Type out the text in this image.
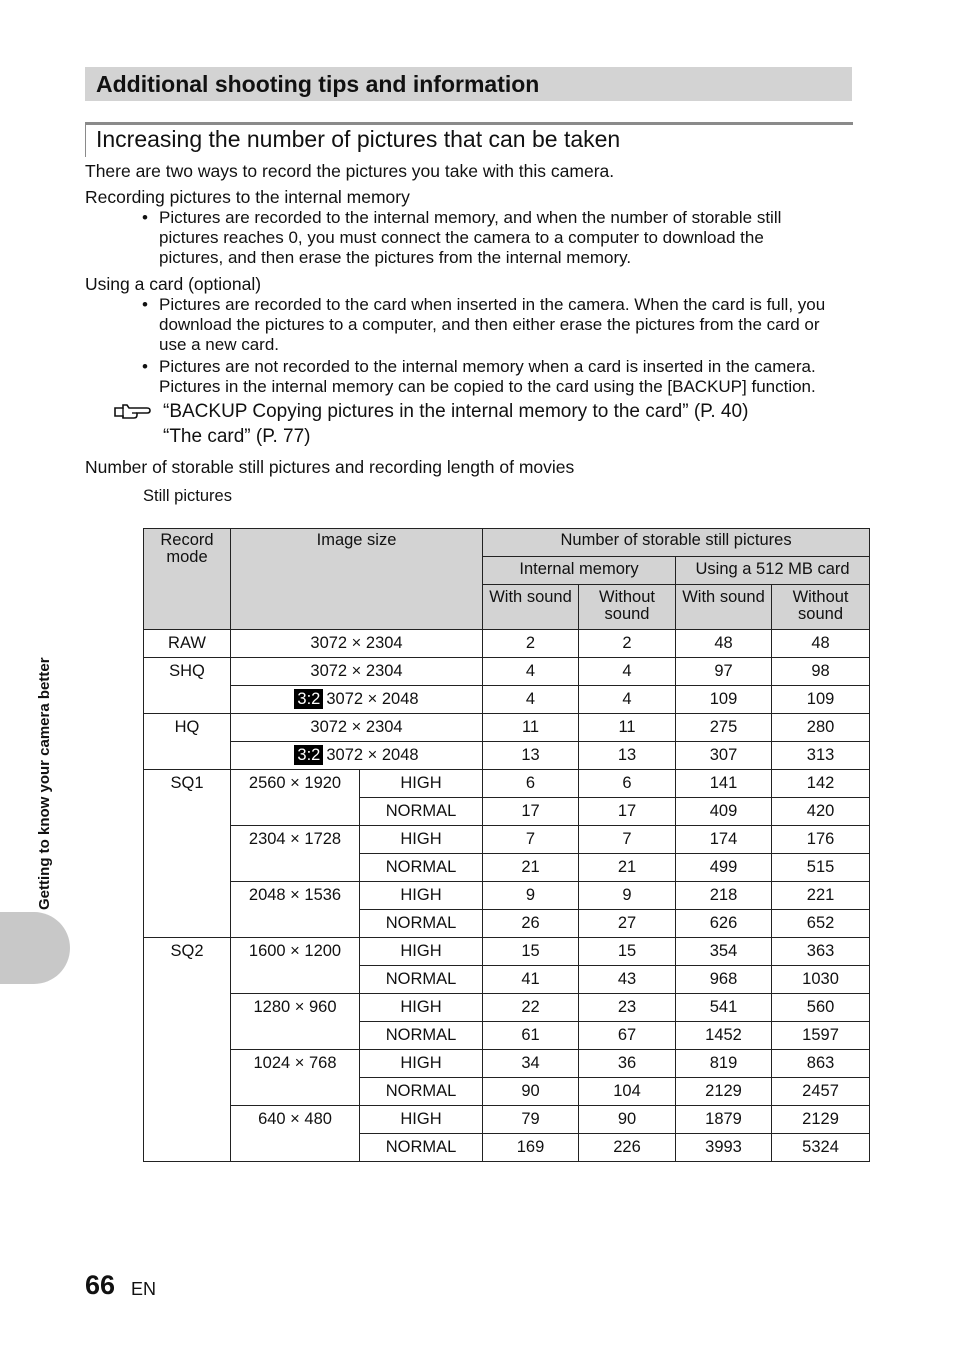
Additional shooting tips and information
Increasing the number of pictures that can be taken
There are two ways to record the pictures you take with this camera.
Recording pictures to the internal memory
• Pictures are recorded to the internal memory, and when the number of storable still
pictures reaches 0, you must connect the camera to a computer to download the
pictures, and then erase the pictures from the internal memory.
Using a card (optional)
• Pictures are recorded to the card when inserted in the camera. When the card is full, you
download the pictures to a computer, and then either erase the pictures from the card or
use a new card.
• Pictures are not recorded to the internal memory when a card is inserted in the camera.
Pictures in the internal memory can be copied to the card using the [BACKUP] function.
“BACKUP Copying pictures in the internal memory to the card” (P. 40)
“The card” (P. 77)
Number of storable still pictures and recording length of movies
Still pictures
Record mode	Image size		Number of storable still pictures			
			Internal memory		Using a 512 MB card	
			With sound	Without sound	With sound	Without sound
RAW	3072 × 2304		2	2	48	48
SHQ	3072 × 2304		4	4	97	98
	3:2 3072 × 2048		4	4	109	109
HQ	3072 × 2304		11	11	275	280
	3:2 3072 × 2048		13	13	307	313
SQ1	2560 × 1920	HIGH	6	6	141	142
		NORMAL	17	17	409	420
	2304 × 1728	HIGH	7	7	174	176
		NORMAL	21	21	499	515
	2048 × 1536	HIGH	9	9	218	221
		NORMAL	26	27	626	652
SQ2	1600 × 1200	HIGH	15	15	354	363
		NORMAL	41	43	968	1030
	1280 × 960	HIGH	22	23	541	560
		NORMAL	61	67	1452	1597
	1024 × 768	HIGH	34	36	819	863
		NORMAL	90	104	2129	2457
	640 × 480	HIGH	79	90	1879	2129
		NORMAL	169	226	3993	5324
Getting to know your camera better
66 EN
